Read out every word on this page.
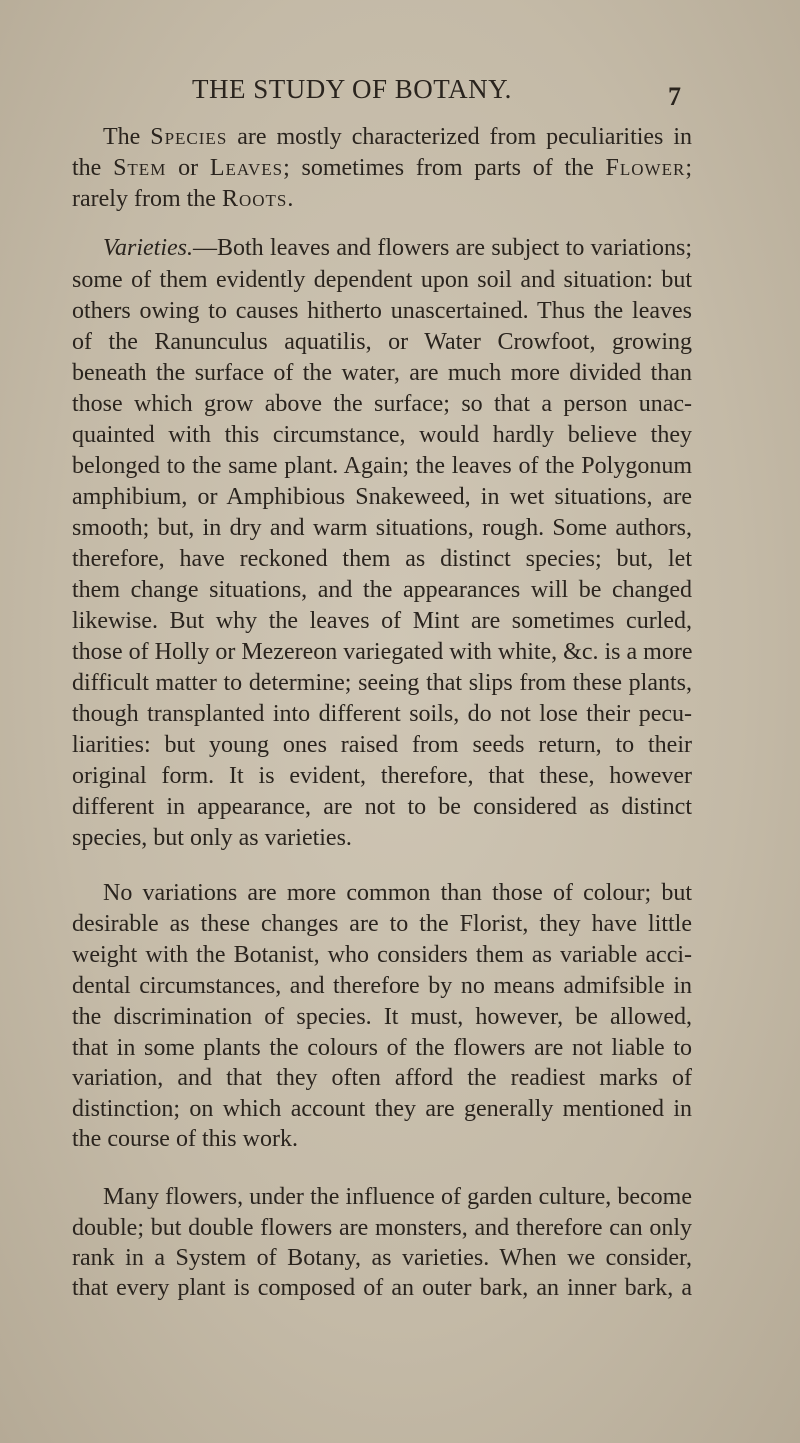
THE STUDY OF BOTANY.	7
The Species are mostly characterized from peculiarities in
the Stem or Leaves; sometimes from parts of the Flower;
rarely from the Roots.
Varieties.—Both leaves and flowers are subject to variations;
some of them evidently dependent upon soil and situation: but
others owing to causes hitherto unascertained. Thus the leaves
of the Ranunculus aquatilis, or Water Crowfoot, growing
beneath the surface of the water, are much more divided than
those which grow above the surface; so that a person unac-
quainted with this circumstance, would hardly believe they
belonged to the same plant. Again; the leaves of the Polygonum
amphibium, or Amphibious Snakeweed, in wet situations, are
smooth; but, in dry and warm situations, rough. Some authors,
therefore, have reckoned them as distinct species; but, let
them change situations, and the appearances will be changed
likewise. But why the leaves of Mint are sometimes curled,
those of Holly or Mezereon variegated with white, &c. is a more
difficult matter to determine; seeing that slips from these plants,
though transplanted into different soils, do not lose their pecu-
liarities: but young ones raised from seeds return, to their
original form. It is evident, therefore, that these, however
different in appearance, are not to be considered as distinct
species, but only as varieties.
No variations are more common than those of colour; but
desirable as these changes are to the Florist, they have little
weight with the Botanist, who considers them as variable acci-
dental circumstances, and therefore by no means admifsible in
the discrimination of species. It must, however, be allowed,
that in some plants the colours of the flowers are not liable to
variation, and that they often afford the readiest marks of
distinction; on which account they are generally mentioned in
the course of this work.
Many flowers, under the influence of garden culture, become
double; but double flowers are monsters, and therefore can only
rank in a System of Botany, as varieties. When we consider,
that every plant is composed of an outer bark, an inner bark, a
